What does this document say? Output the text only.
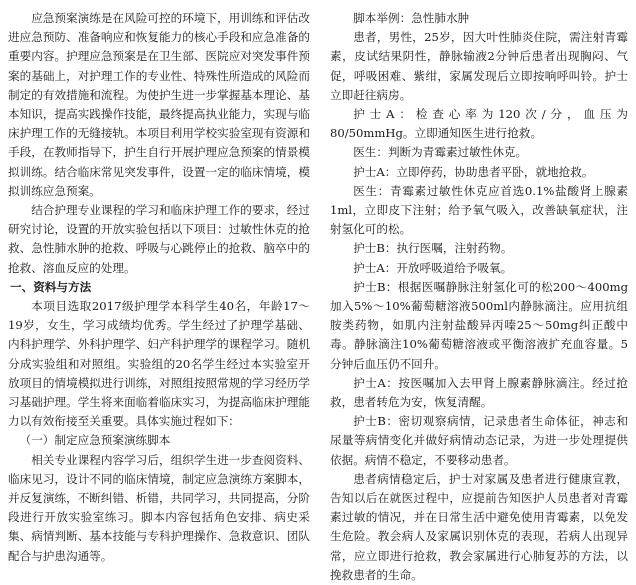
应急预案演练是在风险可控的环境下，用训练和评估改进应急预防、准备响应和恢复能力的核心手段和应急准备的重要内容。护理应急预案是在卫生部、医院应对突发事件预案的基础上，对护理工作的专业性、特殊性所造成的风险而制定的有效措施和流程。为使护生进一步掌握基本理论、基本知识，提高实践操作技能，最终提高执业能力，实现与临床护理工作的无缝接轨。本项目利用学校实验室现有资源和手段，在教师指导下，护生自行开展护理应急预案的情景模拟训练。结合临床常见突发事件，设置一定的临床情境，模拟训练应急预案。

结合护理专业课程的学习和临床护理工作的要求，经过研究讨论，设置的开放实验包括以下项目：过敏性休克的抢救、急性肺水肿的抢救、呼吸与心跳停止的抢救、脑卒中的抢救、溶血反应的处理。

一、资料与方法

本项目选取2017级护理学本科学生40名，年龄17～19岁，女生，学习成绩均优秀。学生经过了护理学基础、内科护理学、外科护理学、妇产科护理学的课程学习。随机分成实验组和对照组。实验组的20名学生经过本实验室开放项目的情境模拟进行训练，对照组按照常规的学习经历学习基础护理。学生将来面临着临床实习，为提高临床护理能力以有效衔接至关重要。具体实施过程如下：

（一）制定应急预案演练脚本

相关专业课程内容学习后，组织学生进一步查阅资料、临床见习，设计不同的临床情境，制定应急演练方案脚本，并反复演练，不断纠错、析错，共同学习，共同提高，分阶段进行开放实验室练习。脚本内容包括角色安排、病史采集、病情判断、基本技能与专科护理操作、急救意识、团队配合与护患沟通等。

脚本举例：急性肺水肿

患者，男性，25岁，因大叶性肺炎住院，需注射青霉素，皮试结果阴性，静脉输液2分钟后患者出现胸闷、气促，呼吸困难、紫绀，家属发现后立即按响呼叫铃。护士立即赶往病房。

护士A：检查心率为120次/分，血压为80/50mmHg。立即通知医生进行抢救。

医生：判断为青霉素过敏性休克。

护士A：立即停药，协助患者平卧，就地抢救。

医生：青霉素过敏性休克应首选0.1%盐酸肾上腺素1ml，立即皮下注射；给予氧气吸入，改善缺氧症状，注射氢化可的松。

护士B：执行医嘱，注射药物。

护士A：开放呼吸道给予吸氧。

护士B：根据医嘱静脉注射氢化可的松200～400mg加入5%～10%葡萄糖溶液500ml内静脉滴注。应用抗组胺类药物，如肌内注射盐酸异丙嗪25～50mg纠正酸中毒。静脉滴注10%葡萄糖溶液或平衡溶液扩充血容量。5分钟后血压仍不回升。

护士A：按医嘱加入去甲肾上腺素静脉滴注。经过抢救，患者转危为安，恢复清醒。

护士B：密切观察病情，记录患者生命体征，神志和尿量等病情变化并做好病情动态记录，为进一步处理提供依据。病情不稳定，不要移动患者。

患者病情稳定后，护士对家属及患者进行健康宣教，告知以后在就医过程中，应提前告知医护人员患者对青霉素过敏的情况，并在日常生活中避免使用青霉素，以免发生危险。教会病人及家属识别休克的表现，若病人出现异常，应立即进行抢救，教会家属进行心肺复苏的方法，以挽救患者的生命。
